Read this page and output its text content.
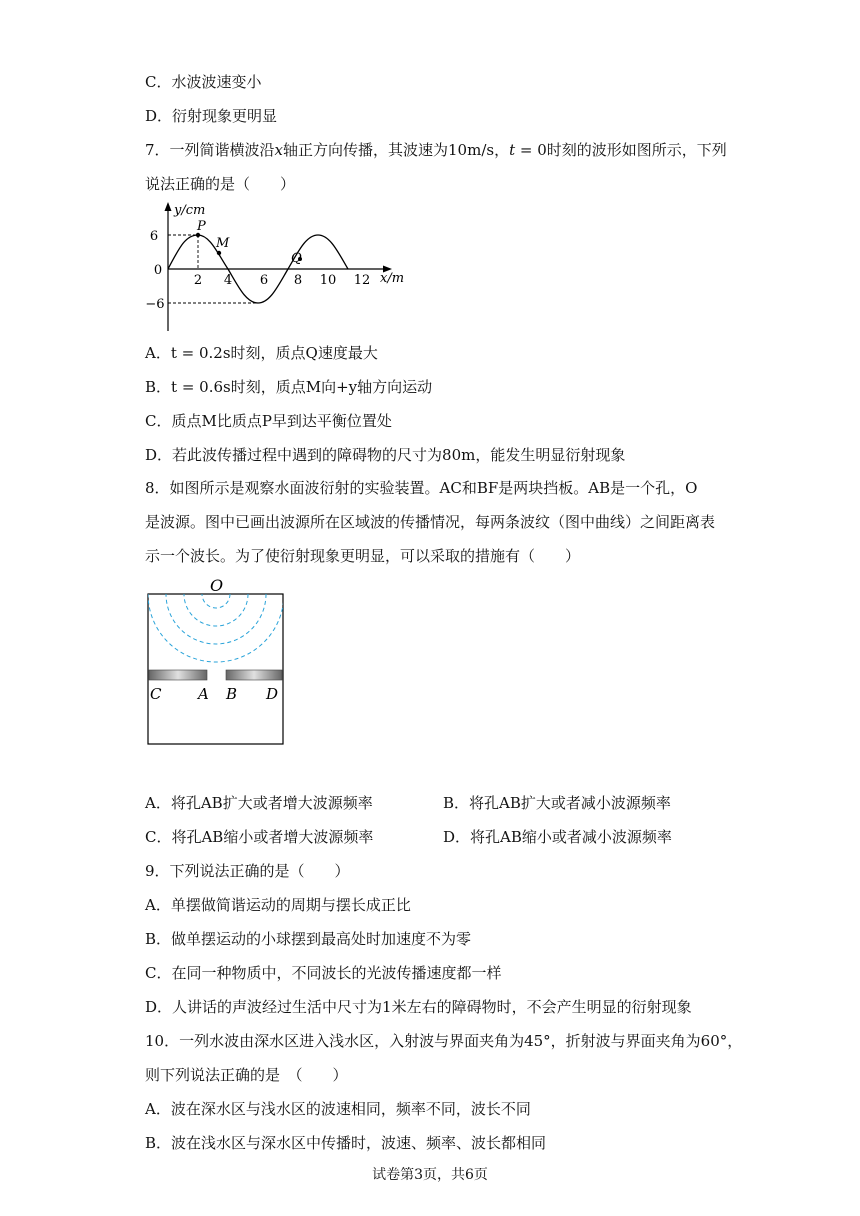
C．水波波速变小
D．衍射现象更明显
7．一列简谐横波沿x轴正方向传播，其波速为10m/s，t = 0时刻的波形如图所示，下列
说法正确的是（　　）
y/cm
x/m
6
0
−6
2 4 6 8 10 12
P
M
Q
A．t = 0.2s时刻，质点Q速度最大
B．t = 0.6s时刻，质点M向+y轴方向运动
C．质点M比质点P早到达平衡位置处
D．若此波传播过程中遇到的障碍物的尺寸为80m，能发生明显衍射现象
8．如图所示是观察水面波衍射的实验装置。AC和BF是两块挡板。AB是一个孔，O
是波源。图中已画出波源所在区域波的传播情况，每两条波纹（图中曲线）之间距离表
示一个波长。为了使衍射现象更明显，可以采取的措施有（　　）
O
C A B D
A．将孔AB扩大或者增大波源频率	B．将孔AB扩大或者减小波源频率
C．将孔AB缩小或者增大波源频率	D．将孔AB缩小或者减小波源频率
9．下列说法正确的是（　　）
A．单摆做简谐运动的周期与摆长成正比
B．做单摆运动的小球摆到最高处时加速度不为零
C．在同一种物质中，不同波长的光波传播速度都一样
D．人讲话的声波经过生活中尺寸为1米左右的障碍物时，不会产生明显的衍射现象
10．一列水波由深水区进入浅水区，入射波与界面夹角为45°，折射波与界面夹角为60°，
则下列说法正确的是　（　　）
A．波在深水区与浅水区的波速相同，频率不同，波长不同
B．波在浅水区与深水区中传播时，波速、频率、波长都相同
试卷第3页，共6页
